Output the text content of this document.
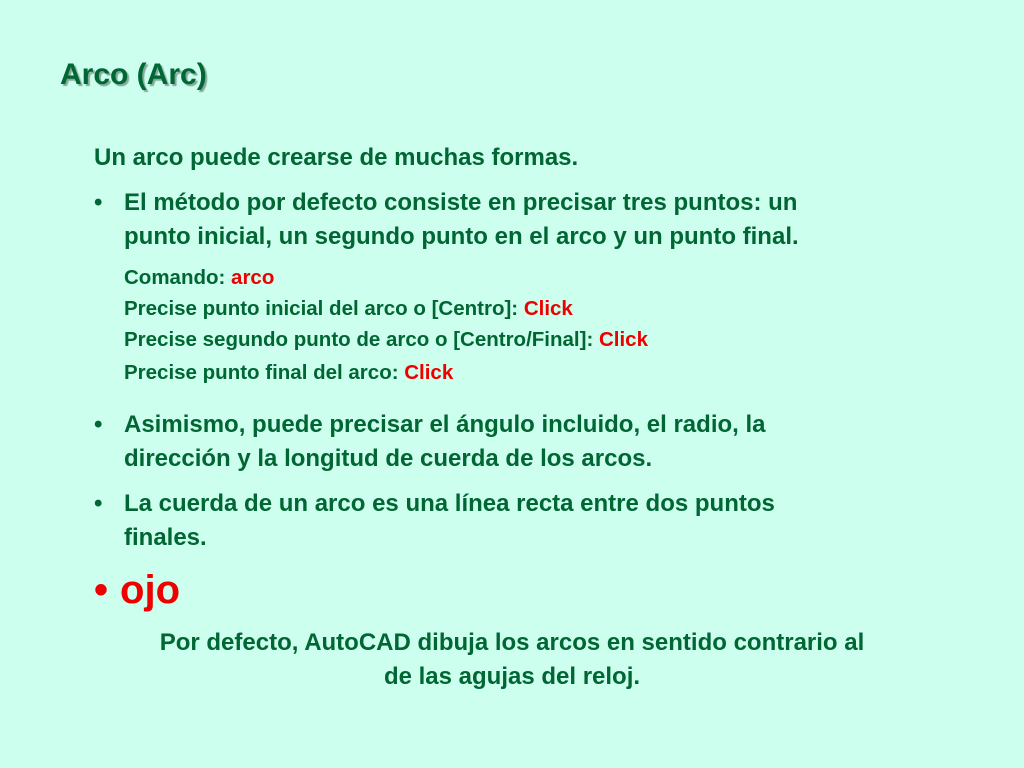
Arco (Arc)
Un arco puede crearse de muchas formas.
• El método por defecto consiste en precisar tres puntos: un
punto inicial, un segundo punto en el arco y un punto final.
Comando: arco
Precise punto inicial del arco o [Centro]: Click
Precise segundo punto de arco o [Centro/Final]: Click
Precise punto final del arco: Click
• Asimismo, puede precisar el ángulo incluido, el radio, la
dirección y la longitud de cuerda de los arcos.
• La cuerda de un arco es una línea recta entre dos puntos
finales.
• ojo
Por defecto, AutoCAD dibuja los arcos en sentido contrario al
de las agujas del reloj.
